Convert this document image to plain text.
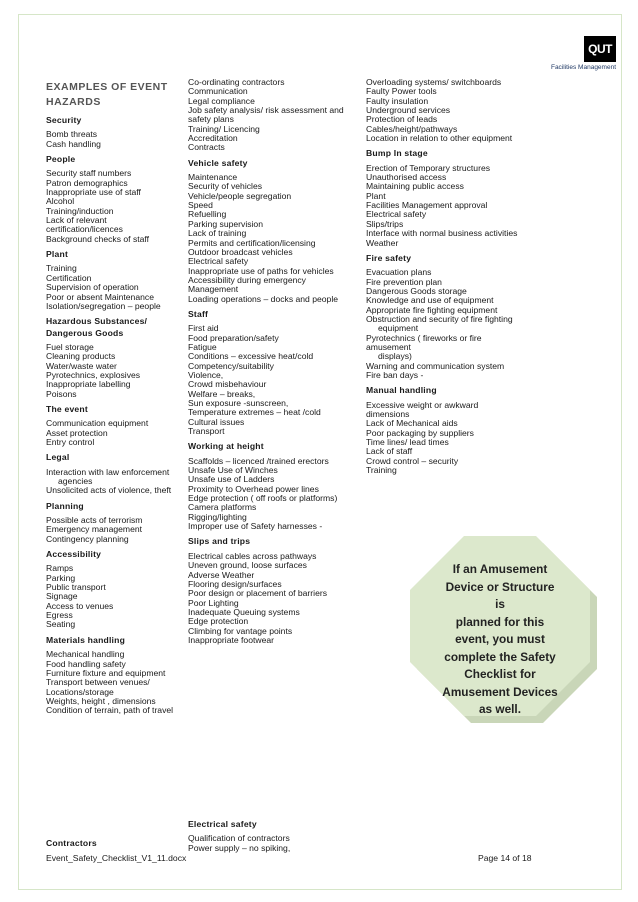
QUT
Facilities Management
EXAMPLES OF EVENT
HAZARDS
Security
Bomb threats
Cash handling
People
Security staff numbers
Patron demographics
Inappropriate use of staff
Alcohol
Training/induction
Lack of relevant
certification/licences
Background checks of staff
Plant
Training
Certification
Supervision of operation
Poor or absent Maintenance
Isolation/segregation – people
Hazardous Substances/
Dangerous Goods
Fuel storage
Cleaning products
Water/waste water
Pyrotechnics, explosives
Inappropriate labelling
Poisons
The event
Communication equipment
Asset protection
Entry control
Legal
Interaction with law enforcement
agencies
Unsolicited acts of violence, theft
Planning
Possible acts of terrorism
Emergency management
Contingency planning
Accessibility
Ramps
Parking
Public transport
Signage
Access to venues
Egress
Seating
Materials handling
Mechanical handling
Food handling safety
Furniture fixture and equipment
Transport between venues/
Locations/storage
Weights, height , dimensions
Condition of terrain, path of travel
Co-ordinating contractors
Communication
Legal compliance
Job safety analysis/ risk assessment and
safety plans
Training/ Licencing
Accreditation
Contracts
Vehicle safety
Maintenance
Security of vehicles
Vehicle/people segregation
Speed
Refuelling
Parking supervision
Lack of training
Permits and certification/licensing
Outdoor broadcast vehicles
Electrical safety
Inappropriate use of paths for vehicles
Accessibility during emergency
Management
Loading operations – docks and people
Staff
First aid
Food preparation/safety
Fatigue
Conditions – excessive heat/cold
Competency/suitability
Violence,
Crowd misbehaviour
Welfare – breaks,
Sun exposure -sunscreen,
Temperature extremes – heat /cold
Cultural issues
Transport
Working at height
Scaffolds – licenced /trained erectors
Unsafe Use of Winches
Unsafe use of Ladders
Proximity to Overhead power lines
Edge protection ( off roofs or platforms)
Camera platforms
Rigging/lighting
Improper use of Safety harnesses -
Slips and trips
Electrical cables across pathways
Uneven ground, loose surfaces
Adverse Weather
Flooring design/surfaces
Poor design or placement of barriers
Poor Lighting
Inadequate Queuing systems
Edge protection
Climbing for vantage points
Inappropriate footwear
Overloading systems/ switchboards
Faulty Power tools
Faulty insulation
Underground services
Protection of leads
Cables/height/pathways
Location in relation to other equipment
Bump In stage
Erection of Temporary structures
Unauthorised access
Maintaining public access
Plant
Facilities Management approval
Electrical safety
Slips/trips
Interface with normal business activities
Weather
Fire safety
Evacuation plans
Fire prevention plan
Dangerous Goods storage
Knowledge and use of equipment
Appropriate fire fighting equipment
Obstruction and security of fire fighting
equipment
Pyrotechnics ( fireworks or fire
amusement
displays)
Warning and communication system
Fire ban days -
Manual handling
Excessive weight or awkward
dimensions
Lack of Mechanical aids
Poor packaging by suppliers
Time lines/ lead times
Lack of staff
Crowd control – security
Training
Contractors
Electrical safety
Qualification of contractors
Power supply – no spiking,
If an Amusement
Device or Structure is
planned for this
event, you must
complete the Safety
Checklist for
Amusement Devices
as well.
Event_Safety_Checklist_V1_11.docx	Page 14 of 18
